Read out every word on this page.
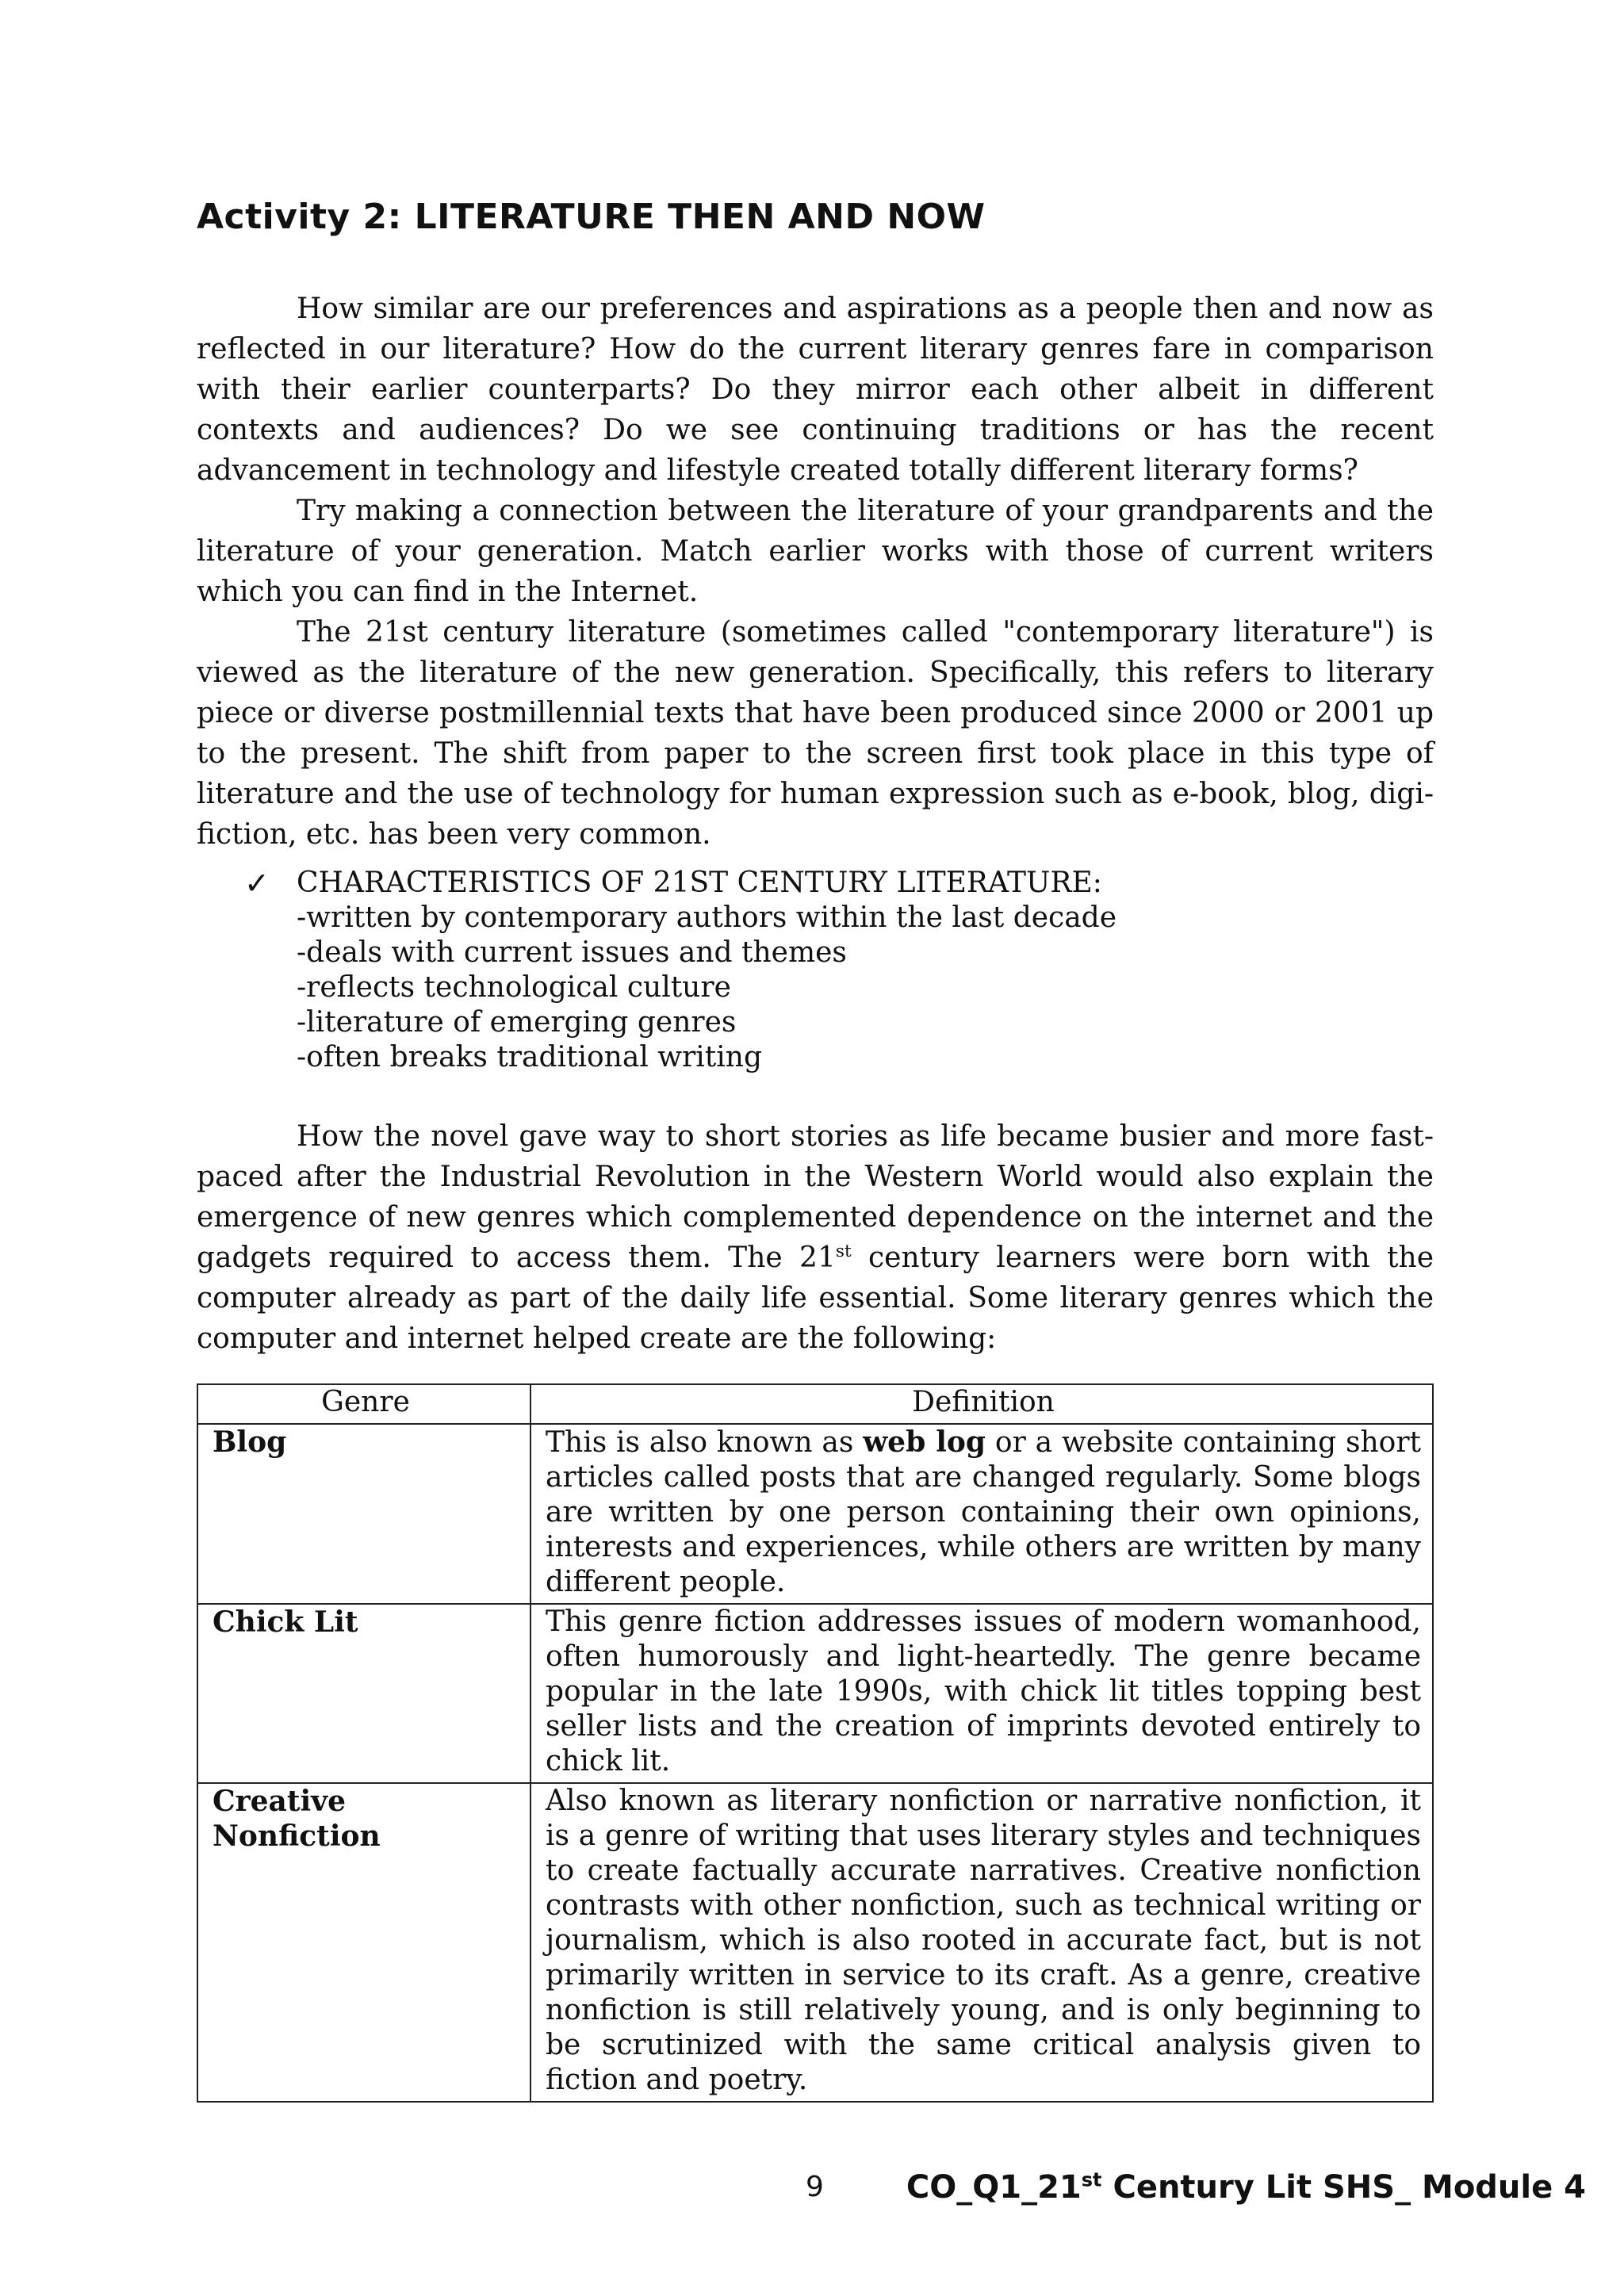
Activity 2: LITERATURE THEN AND NOW

How similar are our preferences and aspirations as a people then and now as reflected in our literature? How do the current literary genres fare in comparison with their earlier counterparts? Do they mirror each other albeit in different contexts and audiences? Do we see continuing traditions or has the recent advancement in technology and lifestyle created totally different literary forms?

Try making a connection between the literature of your grandparents and the literature of your generation. Match earlier works with those of current writers which you can find in the Internet.

The 21st century literature (sometimes called "contemporary literature") is viewed as the literature of the new generation. Specifically, this refers to literary piece or diverse postmillennial texts that have been produced since 2000 or 2001 up to the present. The shift from paper to the screen first took place in this type of literature and the use of technology for human expression such as e-book, blog, digi-fiction, etc. has been very common.

✓ CHARACTERISTICS OF 21ST CENTURY LITERATURE:
-written by contemporary authors within the last decade
-deals with current issues and themes
-reflects technological culture
-literature of emerging genres
-often breaks traditional writing

How the novel gave way to short stories as life became busier and more fast-paced after the Industrial Revolution in the Western World would also explain the emergence of new genres which complemented dependence on the internet and the gadgets required to access them. The 21st century learners were born with the computer already as part of the daily life essential. Some literary genres which the computer and internet helped create are the following:

Genre	Definition
Blog	This is also known as web log or a website containing short articles called posts that are changed regularly. Some blogs are written by one person containing their own opinions, interests and experiences, while others are written by many different people.
Chick Lit	This genre fiction addresses issues of modern womanhood, often humorously and light-heartedly. The genre became popular in the late 1990s, with chick lit titles topping best seller lists and the creation of imprints devoted entirely to chick lit.
Creative
Nonfiction	Also known as literary nonfiction or narrative nonfiction, it is a genre of writing that uses literary styles and techniques to create factually accurate narratives. Creative nonfiction contrasts with other nonfiction, such as technical writing or journalism, which is also rooted in accurate fact, but is not primarily written in service to its craft. As a genre, creative nonfiction is still relatively young, and is only beginning to be scrutinized with the same critical analysis given to fiction and poetry.
9	CO_Q1_21st Century Lit SHS_ Module 4
